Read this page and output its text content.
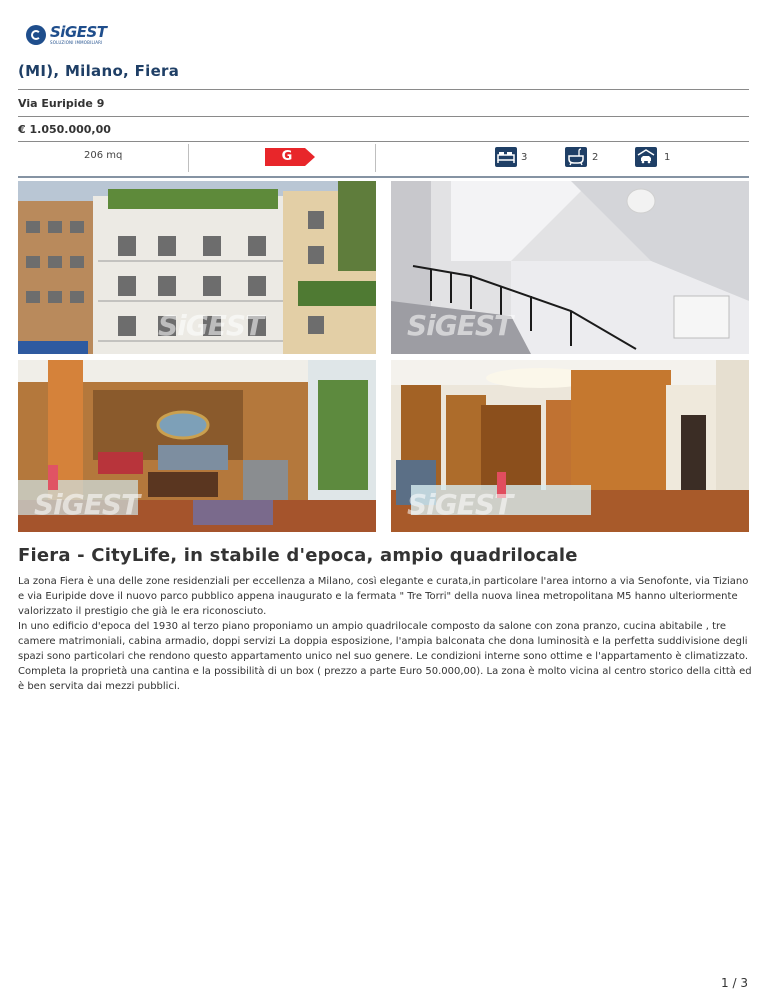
SiGEST
SOLUZIONI IMMOBILIARI
(MI), Milano, Fiera
Via Euripide 9
€ 1.050.000,00
206 mq	G	3	2	1
SiGEST	SiGEST
SiGEST	SiGEST
Fiera - CityLife, in stabile d'epoca, ampio quadrilocale

La zona Fiera è una delle zone residenziali per eccellenza a Milano, così elegante e curata,in particolare l'area intorno a via Senofonte, via Tiziano e via Euripide dove il nuovo parco pubblico appena inaugurato e la fermata " Tre Torri" della nuova linea metropolitana M5 hanno ulteriormente valorizzato il prestigio che già le era riconosciuto.

In uno edificio d'epoca del 1930 al terzo piano proponiamo un ampio quadrilocale composto da salone con zona pranzo, cucina abitabile , tre camere matrimoniali, cabina armadio, doppi servizi La doppia esposizione, l'ampia balconata che dona luminosità e la perfetta suddivisione degli spazi sono particolari che rendono questo appartamento unico nel suo genere. Le condizioni interne sono ottime e l'appartamento è climatizzato. Completa la proprietà una cantina e la possibilità di un box ( prezzo a parte Euro 50.000,00). La zona è molto vicina al centro storico della città ed è ben servita dai mezzi pubblici.

1 / 3
